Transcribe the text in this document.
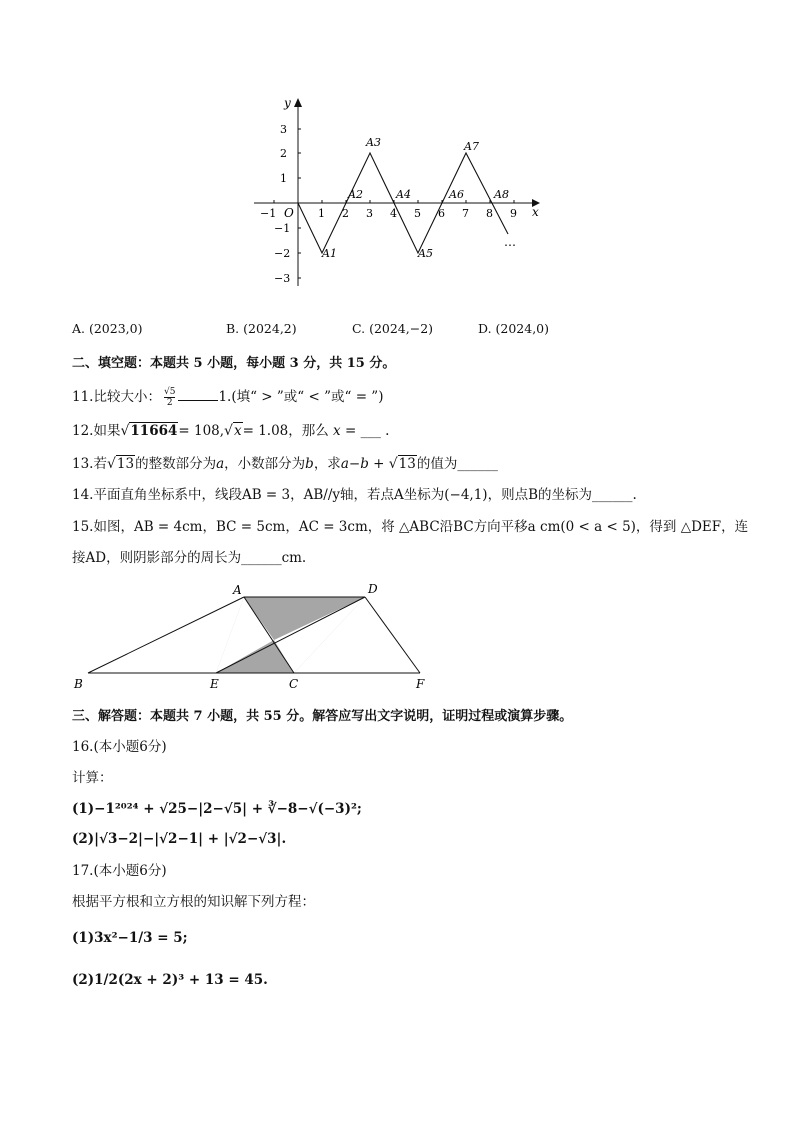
y
x
O
−1	1 2 3 4 5 6 7 8 9
3
2
1
−1
−2
−3
A1
A2
A3
A4
A5
A6
A7
A8
…
A. (2023,0)	B. (2024,2)	C. (2024,−2)	D. (2024,0)
二、填空题：本题共 5 小题，每小题 3 分，共 15 分。
11.比较大小： $\frac{√5}{2}$	1.(填“ > ”或“ < ”或“ = ”)
12.如果√11664= 108,√x= 1.08，那么 x = ___ .
13.若√13的整数部分为a，小数部分为b，求a−b + √13的值为______
14.平面直角坐标系中，线段AB = 3，AB//y轴，若点A坐标为(−4,1)，则点B的坐标为______.
15.如图，AB = 4cm，BC = 5cm，AC = 3cm，将 △ABC沿BC方向平移a cm(0 < a < 5)，得到 △DEF，连
接AD，则阴影部分的周长为______cm.
A	D
B	E	C	F
三、解答题：本题共 7 小题，共 55 分。解答应写出文字说明，证明过程或演算步骤。
16.(本小题6分)
计算：
(1)−1²⁰²⁴ + √25−|2−√5| + ∛−8−√(−3)²;
(2)|√3−2|−|√2−1| + |√2−√3|.
17.(本小题6分)
根据平方根和立方根的知识解下列方程：
(1)3x²−1/3 = 5;
(2)1/2(2x + 2)³ + 13 = 45.
